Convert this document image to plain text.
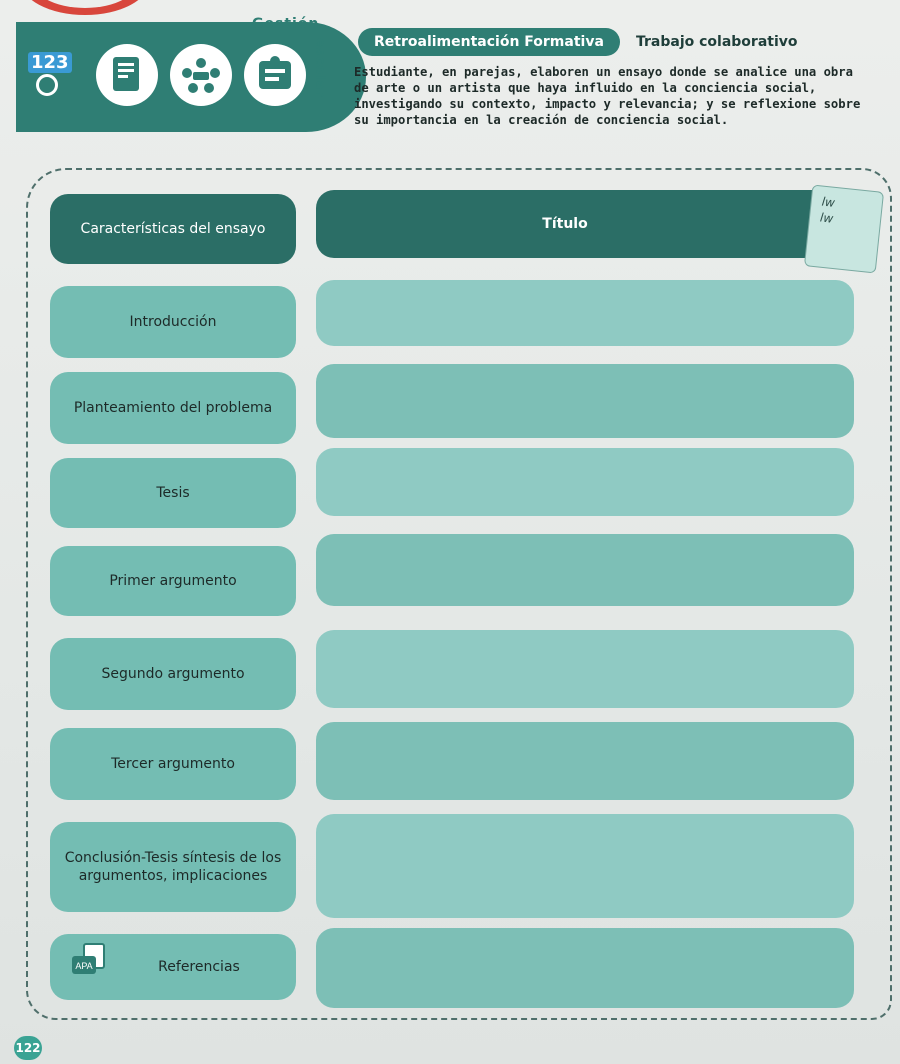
123
Gestión
escolar	Retroalimentación Formativa	Trabajo colaborativo
Estudiante, en parejas, elaboren un ensayo donde se analice una obra de arte o un artista que haya influido en la conciencia social, investigando su contexto, impacto y relevancia; y se reflexione sobre su importancia en la creación de conciencia social.
Características del ensayo	Título
lw
lw
Introducción
Planteamiento del problema
Tesis
Primer argumento
Segundo argumento
Tercer argumento
Conclusión-Tesis síntesis de los argumentos, implicaciones
Referencias
APA
122
